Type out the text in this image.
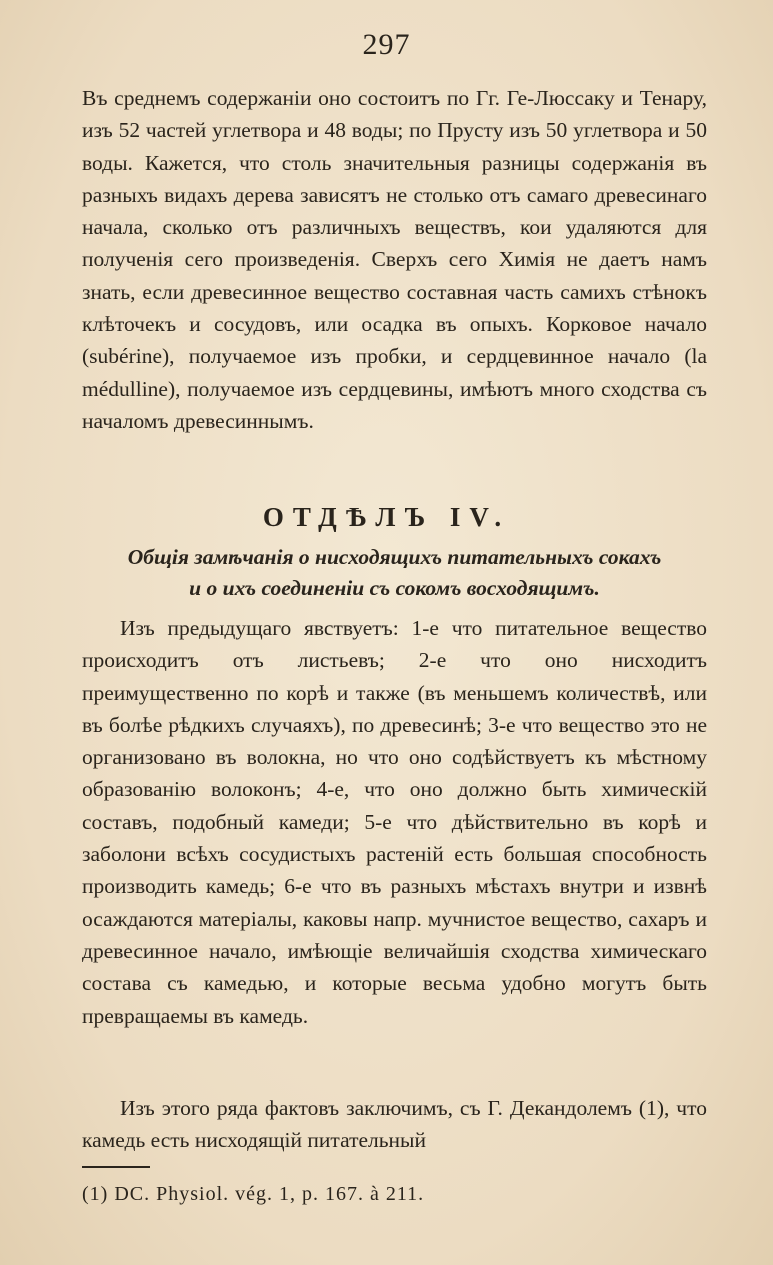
297
Въ среднемъ содержаніи оно состоитъ по Гг. Ге-Люссаку и Тенару, изъ 52 частей углетвора и 48 воды; по Прусту изъ 50 углетвора и 50 воды. Кажется, что столь значительныя разницы содержанія въ разныхъ видахъ дерева зависятъ не столько отъ самаго древесинаго начала, сколько отъ различныхъ веществъ, кои удаляются для полученія сего произведенія. Сверхъ сего Химія не даетъ намъ знать, если древесинное вещество составная часть самихъ стѣнокъ клѣточекъ и сосудовъ, или осадка въ опыхъ. Корковое начало (subérine), получаемое изъ пробки, и сердцевинное начало (la médulline), получаемое изъ сердцевины, имѣютъ много сходства съ началомъ древесиннымъ.
ОТДѢЛЪ IV.
Общія замѣчанія о нисходящихъ питательныхъ сокахъ
и о ихъ соединеніи съ сокомъ восходящимъ.
Изъ предыдущаго явствуетъ: 1-е что питательное вещество происходитъ отъ листьевъ; 2-е что оно нисходитъ преимущественно по корѣ и также (въ меньшемъ количествѣ, или въ болѣе рѣдкихъ случаяхъ), по древесинѣ; 3-е что вещество это не организовано въ волокна, но что оно содѣйствуетъ къ мѣстному образованію волоконъ; 4-е, что оно должно быть химическій составъ, подобный камеди; 5-е что дѣйствительно въ корѣ и заболони всѣхъ сосудистыхъ растеній есть большая способность производить камедь; 6-е что въ разныхъ мѣстахъ внутри и извнѣ осаждаются матеріалы, каковы напр. мучнистое вещество, сахаръ и древесинное начало, имѣющіе величайшія сходства химическаго состава съ камедью, и которые весьма удобно могутъ быть превращаемы въ камедь.
Изъ этого ряда фактовъ заключимъ, съ Г. Декандолемъ (1), что камедь есть нисходящій питательный
(1) DC. Physiol. vég. 1, p. 167. à 211.
